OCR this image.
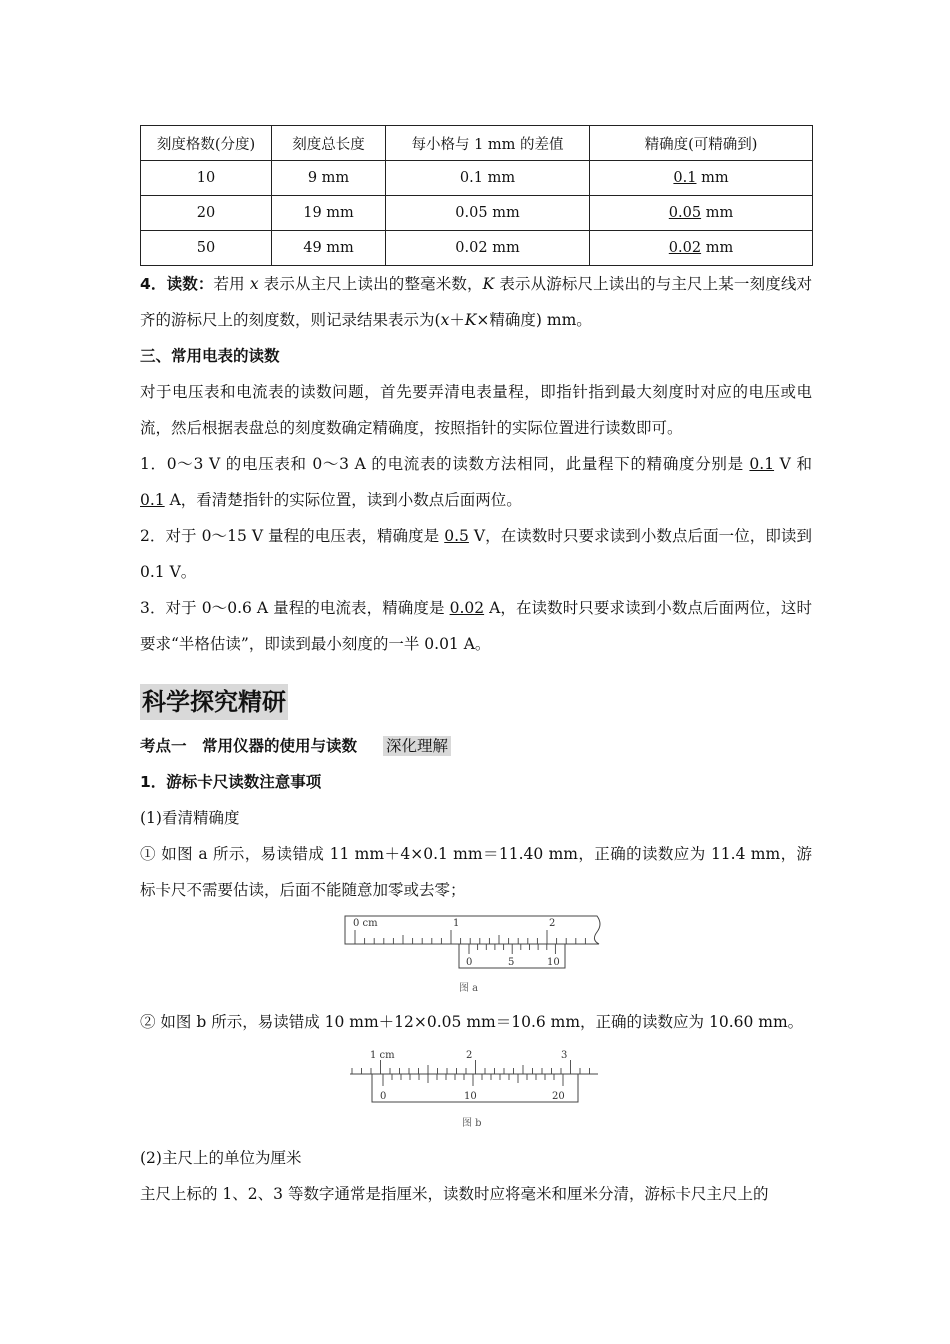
刻度格数(分度)	刻度总长度	每小格与 1 mm 的差值	精确度(可精确到)
10	9 mm	0.1 mm	0.1 mm
20	19 mm	0.05 mm	0.05 mm
50	49 mm	0.02 mm	0.02 mm

4．读数：若用 x 表示从主尺上读出的整毫米数，K 表示从游标尺上读出的与主尺上某一刻度线对齐的游标尺上的刻度数，则记录结果表示为(x＋K×精确度) mm。

三、常用电表的读数

对于电压表和电流表的读数问题，首先要弄清电表量程，即指针指到最大刻度时对应的电压或电流，然后根据表盘总的刻度数确定精确度，按照指针的实际位置进行读数即可。

1．0～3 V 的电压表和 0～3 A 的电流表的读数方法相同，此量程下的精确度分别是 0.1 V 和 0.1 A，看清楚指针的实际位置，读到小数点后面两位。

2．对于 0～15 V 量程的电压表，精确度是 0.5 V，在读数时只要求读到小数点后面一位，即读到 0.1 V。

3．对于 0～0.6 A 量程的电流表，精确度是 0.02 A，在读数时只要求读到小数点后面两位，这时要求“半格估读”，即读到最小刻度的一半 0.01 A。

科学探究精研

考点一　常用仪器的使用与读数 深化理解

1．游标卡尺读数注意事项

(1)看清精确度

① 如图 a 所示，易读错成 11 mm＋4×0.1 mm＝11.40 mm，正确的读数应为 11.4 mm，游标卡尺不需要估读，后面不能随意加零或去零；

0 cm	1	2
0	5	10
图 a

② 如图 b 所示，易读错成 10 mm＋12×0.05 mm＝10.6 mm，正确的读数应为 10.60 mm。

1 cm	2	3
0	10	20
图 b

(2)主尺上的单位为厘米

主尺上标的 1、2、3 等数字通常是指厘米，读数时应将毫米和厘米分清，游标卡尺主尺上的
